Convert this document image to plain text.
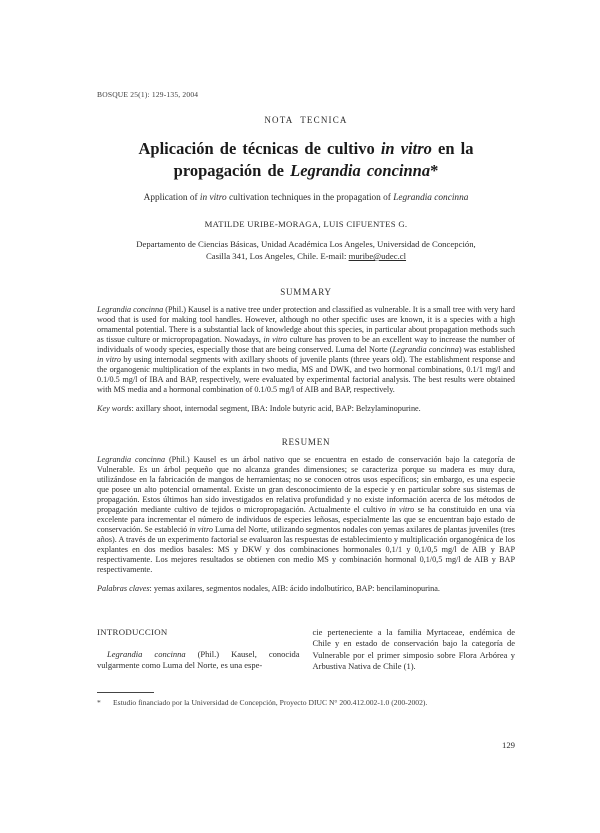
BOSQUE 25(1): 129-135, 2004
NOTA TECNICA
Aplicación de técnicas de cultivo in vitro en la
propagación de Legrandia concinna*
Application of in vitro cultivation techniques in the propagation of Legrandia concinna
MATILDE URIBE-MORAGA, LUIS CIFUENTES G.
Departamento de Ciencias Básicas, Unidad Académica Los Angeles, Universidad de Concepción,
Casilla 341, Los Angeles, Chile. E-mail: muribe@udec.cl
SUMMARY

Legrandia concinna (Phil.) Kausel is a native tree under protection and classified as vulnerable. It is a small tree with very hard wood that is used for making tool handles. However, although no other specific uses are known, it is a species with a high ornamental potential. There is a substantial lack of knowledge about this species, in particular about propagation methods such as tissue culture or micropropagation. Nowadays, in vitro culture has proven to be an excellent way to increase the number of individuals of woody species, especially those that are being conserved. Luma del Norte (Legrandia concinna) was established in vitro by using internodal segments with axillary shoots of juvenile plants (three years old). The establishment response and the organogenic multiplication of the explants in two media, MS and DWK, and two hormonal combinations, 0.1/1 mg/l and 0.1/0.5 mg/l of IBA and BAP, respectively, were evaluated by experimental factorial analysis. The best results were obtained with MS media and a hormonal combination of 0.1/0.5 mg/l of AIB and BAP, respectively.

Key words: axillary shoot, internodal segment, IBA: Indole butyric acid, BAP: Belzylaminopurine.

RESUMEN

Legrandia concinna (Phil.) Kausel es un árbol nativo que se encuentra en estado de conservación bajo la categoría de Vulnerable. Es un árbol pequeño que no alcanza grandes dimensiones; se caracteriza porque su madera es muy dura, utilizándose en la fabricación de mangos de herramientas; no se conocen otros usos específicos; sin embargo, es una especie que posee un alto potencial ornamental. Existe un gran desconocimiento de la especie y en particular sobre sus sistemas de propagación. Estos últimos han sido investigados en relativa profundidad y no existe información acerca de los métodos de propagación mediante cultivo de tejidos o micropropagación. Actualmente el cultivo in vitro se ha constituido en una vía excelente para incrementar el número de individuos de especies leñosas, especialmente las que se encuentran bajo estado de conservación. Se estableció in vitro Luma del Norte, utilizando segmentos nodales con yemas axilares de plantas juveniles (tres años). A través de un experimento factorial se evaluaron las respuestas de establecimiento y multiplicación organogénica de los explantes en dos medios basales: MS y DKW y dos combinaciones hormonales 0,1/1 y 0,1/0,5 mg/l de AIB y BAP respectivamente. Los mejores resultados se obtienen con medio MS y combinación hormonal 0,1/0,5 mg/l de AIB y BAP respectivamente.

Palabras claves: yemas axilares, segmentos nodales, AIB: ácido indolbutírico, BAP: bencilaminopurina.

INTRODUCCION

Legrandia concinna (Phil.) Kausel, conocida vulgarmente como Luma del Norte, es una espe-

cie perteneciente a la familia Myrtaceae, endémica de Chile y en estado de conservación bajo la categoría de Vulnerable por el primer simposio sobre Flora Arbórea y Arbustiva Nativa de Chile (1).

*	Estudio financiado por la Universidad de Concepción, Proyecto DIUC N° 200.412.002-1.0 (200-2002).
129
